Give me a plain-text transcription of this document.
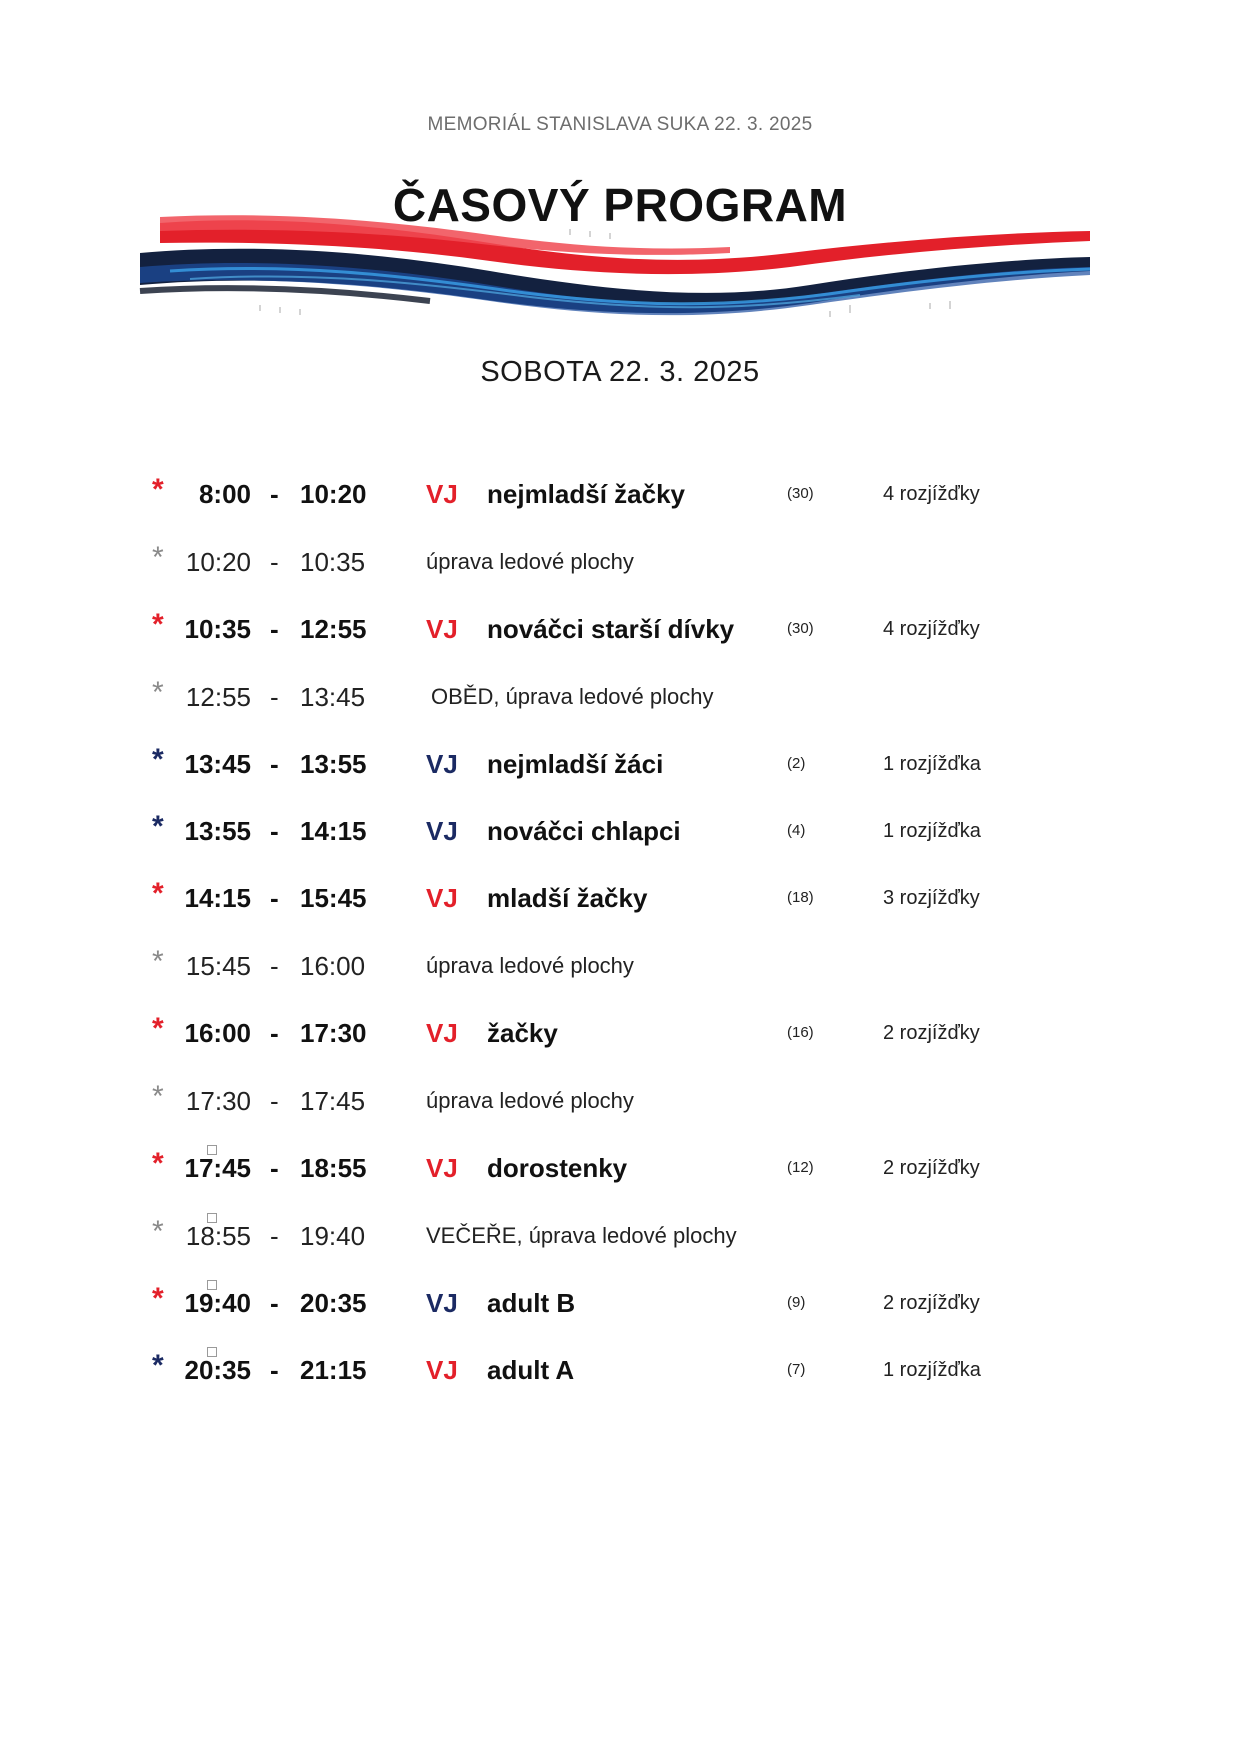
MEMORIÁL STANISLAVA SUKA 22. 3. 2025
ČASOVÝ PROGRAM
SOBOTA 22. 3. 2025
*	8:00 - 10:20 VJ nejmladší žačky	(30)	4 rozjížďky
* 10:20 - 10:35	úprava ledové plochy
* 10:35 - 12:55 VJ nováčci starší dívky	(30)	4 rozjížďky
* 12:55 - 13:45	OBĚD, úprava ledové plochy
* 13:45 - 13:55 VJ nejmladší žáci	(2)	1 rozjížďka
* 13:55 - 14:15 VJ nováčci chlapci	(4)	1 rozjížďka
* 14:15 - 15:45 VJ mladší žačky	(18)	3 rozjížďky
* 15:45 - 16:00	úprava ledové plochy
* 16:00 - 17:30 VJ žačky	(16)	2 rozjížďky
* 17:30 - 17:45	úprava ledové plochy
* 17:45 - 18:55 VJ dorostenky	(12)	2 rozjížďky
* 18:55 - 19:40	VEČEŘE, úprava ledové plochy
* 19:40 - 20:35 VJ adult B	(9)	2 rozjížďky
* 20:35 - 21:15 VJ adult A	(7)	1 rozjížďka
